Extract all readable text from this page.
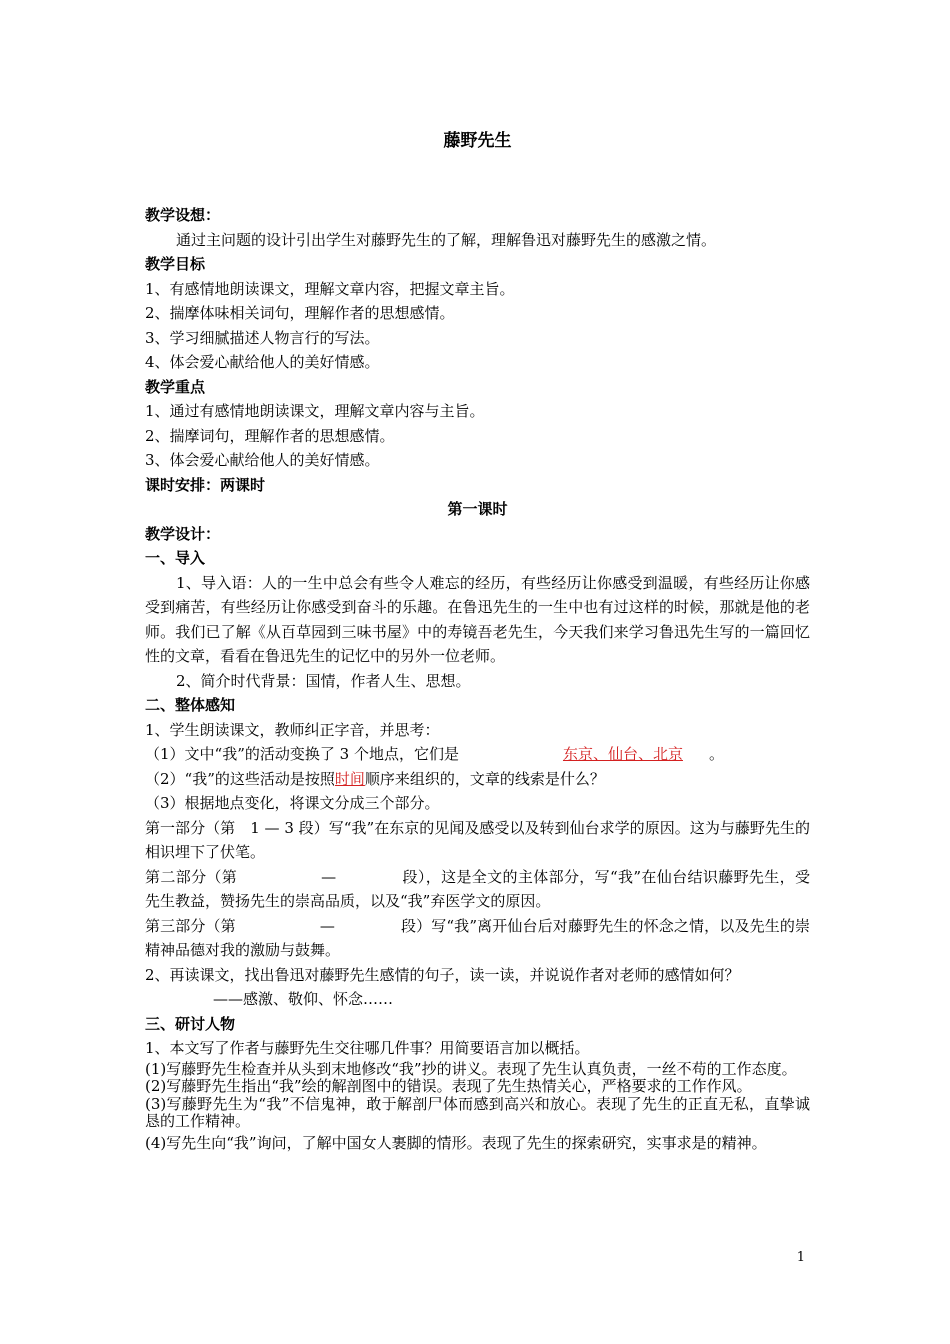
藤野先生

教学设想：

通过主问题的设计引出学生对藤野先生的了解，理解鲁迅对藤野先生的感激之情。

教学目标

1、有感情地朗读课文，理解文章内容，把握文章主旨。

2、揣摩体味相关词句，理解作者的思想感情。

3、学习细腻描述人物言行的写法。

4、体会爱心献给他人的美好情感。

教学重点

1、通过有感情地朗读课文，理解文章内容与主旨。

2、揣摩词句，理解作者的思想感情。

3、体会爱心献给他人的美好情感。

课时安排：两课时

第一课时

教学设计：

一、导入

1、导入语：人的一生中总会有些令人难忘的经历，有些经历让你感受到温暖，有些经历让你感受到痛苦，有些经历让你感受到奋斗的乐趣。在鲁迅先生的一生中也有过这样的时候，那就是他的老师。我们已了解《从百草园到三味书屋》中的寿镜吾老先生，今天我们来学习鲁迅先生写的一篇回忆性的文章，看看在鲁迅先生的记忆中的另外一位老师。

2、简介时代背景：国情，作者人生、思想。

二、整体感知

1、学生朗读课文，教师纠正字音，并思考：

（1）文中“我”的活动变换了 3 个地点，它们是	东京、仙台、北京 。

（2）“我”的这些活动是按照时间顺序来组织的，文章的线索是什么？

（3）根据地点变化，将课文分成三个部分。

第一部分（第　1 — 3 段）写“我”在东京的见闻及感受以及转到仙台求学的原因。这为与藤野先生的相识埋下了伏笔。

第二部分（第	—	段），这是全文的主体部分，写“我”在仙台结识藤野先生，受先生教益，赞扬先生的崇高品质，以及“我”弃医学文的原因。

第三部分（第	—	段）写“我”离开仙台后对藤野先生的怀念之情，以及先生的崇精神品德对我的激励与鼓舞。

2、再读课文，找出鲁迅对藤野先生感情的句子，读一读，并说说作者对老师的感情如何？

——感激、敬仰、怀念……

三、研讨人物

1、本文写了作者与藤野先生交往哪几件事？用简要语言加以概括。

(1)写藤野先生检查并从头到末地修改“我”抄的讲义。表现了先生认真负责，一丝不苟的工作态度。

(2)写藤野先生指出“我”绘的解剖图中的错误。表现了先生热情关心，严格要求的工作作风。

(3)写藤野先生为“我”不信鬼神，敢于解剖尸体而感到高兴和放心。表现了先生的正直无私，直挚诚恳的工作精神。

(4)写先生向“我”询问，了解中国女人裹脚的情形。表现了先生的探索研究，实事求是的精神。

1
